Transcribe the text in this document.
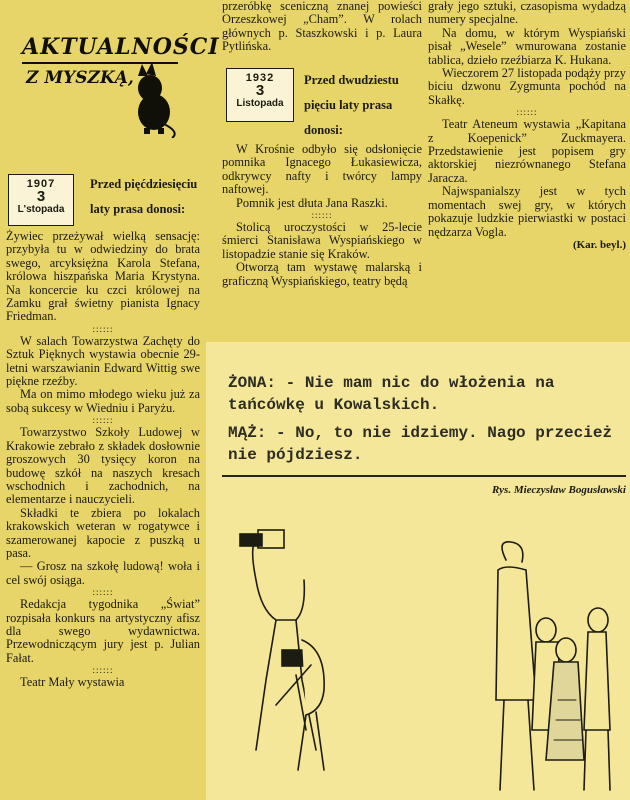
AKTUALNOŚCI
Z MYSZKĄ,
1907
3
L'stopada
Przed pięćdziesięciu laty prasa donosi:

Żywiec przeżywał wielką sensację: przybyła tu w odwiedziny do brata swego, arcyksiężna Karola Stefana, królowa hiszpańska Maria Krystyna. Na koncercie ku czci królowej na Zamku grał świetny pianista Ignacy Friedman.

::::::

W salach Towarzystwa Zachęty do Sztuk Pięknych wystawia obecnie 29-letni warszawianin Edward Wittig swe piękne rzeźby.

Ma on mimo młodego wieku już za sobą sukcesy w Wiedniu i Paryżu.

::::::

Towarzystwo Szkoły Ludowej w Krakowie zebrało z składek dosłownie groszowych 30 tysięcy koron na budowę szkół na naszych kresach wschodnich i zachodnich, na elementarze i nauczycieli.

Składki te zbiera po lokalach krakowskich weteran w rogatywce i szamerowanej kapocie z puszką u pasa.

— Grosz na szkołę ludową! woła i cel swój osiąga.

::::::

Redakcja tygodnika „Świat” rozpisała konkurs na artystyczny afisz dla swego wydawnictwa. Przewodniczącym jury jest p. Julian Fałat.

::::::

Teatr Mały wystawia

przeróbkę sceniczną znanej powieści Orzeszkowej „Cham”. W rolach głównych p. Staszkowski i p. Laura Pytlińska.

1932
3
Listopada
Przed dwudziestu pięciu laty prasa donosi:

W Krośnie odbyło się odsłonięcie pomnika Ignacego Łukasiewicza, odkrywcy nafty i twórcy lampy naftowej.

Pomnik jest dłuta Jana Raszki.

::::::

Stolicą uroczystości w 25-lecie śmierci Stanisława Wyspiańskiego w listopadzie stanie się Kraków.

Otworzą tam wystawę malarską i graficzną Wyspiańskiego, teatry będą

grały jego sztuki, czasopisma wydadzą numery specjalne.

Na domu, w którym Wyspiański pisał „Wesele” wmurowana zostanie tablica, dzieło rzeźbiarza K. Hukana.

Wieczorem 27 listopada podąży przy biciu dzwonu Zygmunta pochód na Skałkę.

::::::

Teatr Ateneum wystawia „Kapitana z Koepenick” Zuckmayera. Przedstawienie jest popisem gry aktorskiej niezrównanego Stefana Jaracza.

Najwspanialszy jest w tych momentach swej gry, w których pokazuje ludzkie pierwiastki w postaci nędzarza Vogla.

(Kar. beyl.)

ŻONA: - Nie mam nic do włożenia na tańcówkę u Kowalskich.

MĄŻ: - No, to nie idziemy. Nago przecież nie pójdziesz.

Rys. Mieczysław Bogusławski
